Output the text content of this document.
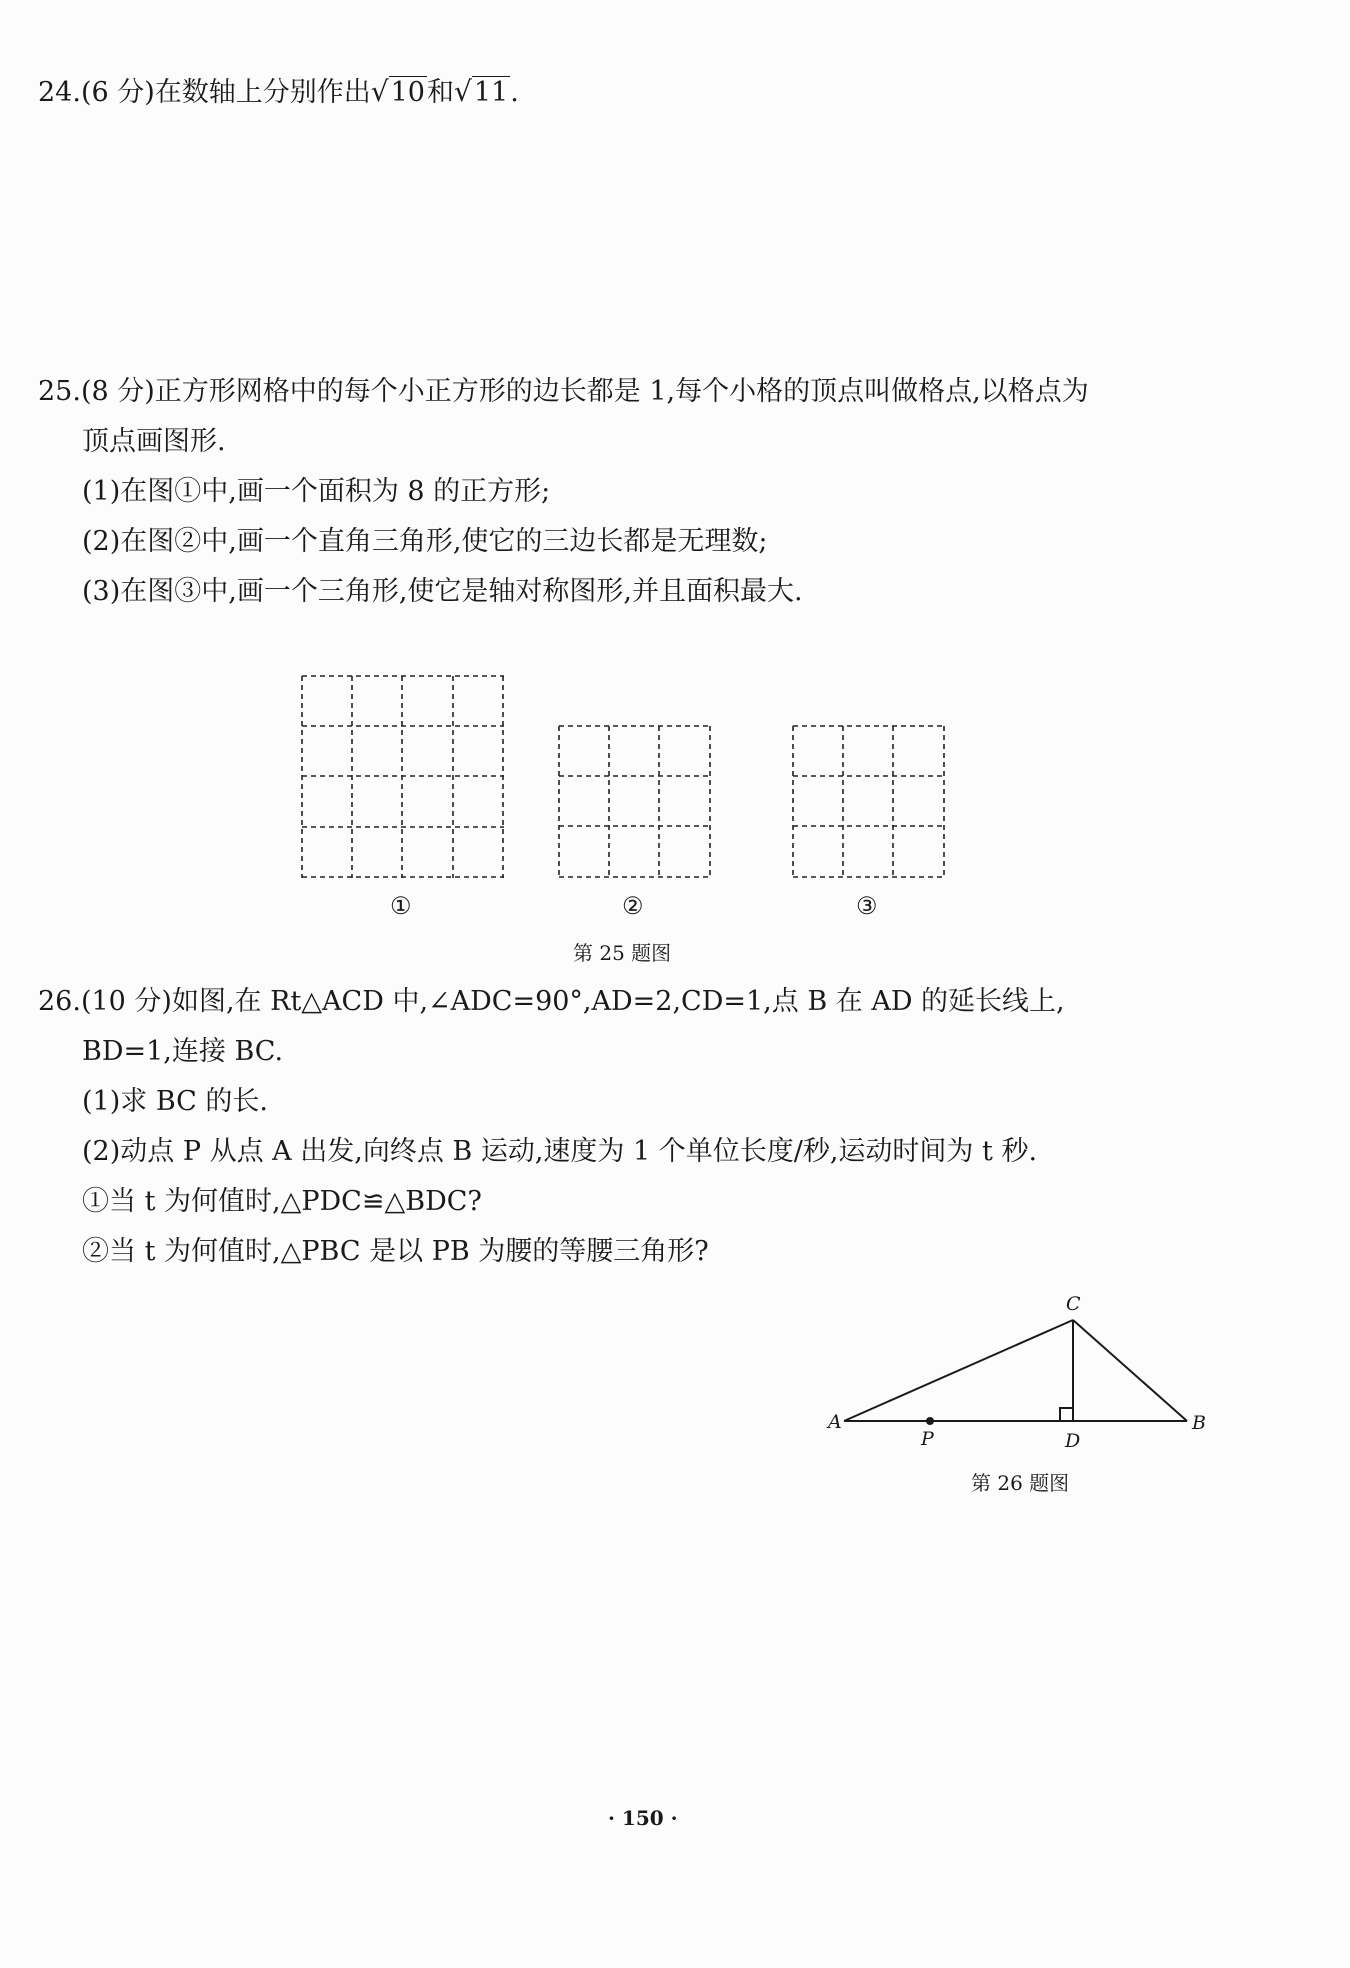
24.(6 分)在数轴上分别作出√10和√11.
25.(8 分)正方形网格中的每个小正方形的边长都是 1,每个小格的顶点叫做格点,以格点为
顶点画图形.
(1)在图①中,画一个面积为 8 的正方形;
(2)在图②中,画一个直角三角形,使它的三边长都是无理数;
(3)在图③中,画一个三角形,使它是轴对称图形,并且面积最大.
①	②	③
第 25 题图
26.(10 分)如图,在 Rt△ACD 中,∠ADC=90°,AD=2,CD=1,点 B 在 AD 的延长线上,
BD=1,连接 BC.
(1)求 BC 的长.
(2)动点 P 从点 A 出发,向终点 B 运动,速度为 1 个单位长度/秒,运动时间为 t 秒.
①当 t 为何值时,△PDC≌△BDC?
②当 t 为何值时,△PBC 是以 PB 为腰的等腰三角形?
A	B
C
D
P
第 26 题图
· 150 ·
